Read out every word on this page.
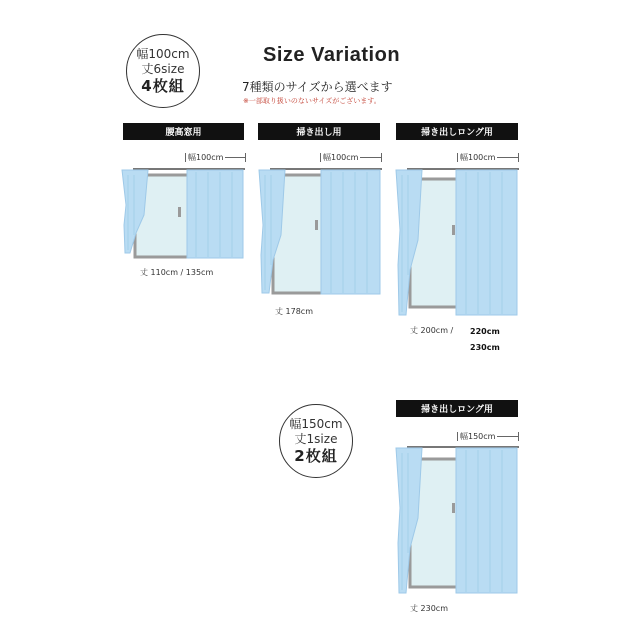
幅100cm
丈6size
4枚組
Size Variation
7種類のサイズから選べます
※一部取り扱いのないサイズがございます。
腰高窓用
幅100cm
丈 110cm / 135cm
掃き出し用
幅100cm
丈 178cm
掃き出しロング用
幅100cm
丈 200cm / 220cm
230cm
幅150cm
丈1size
2枚組
掃き出しロング用
幅150cm
丈 230cm
